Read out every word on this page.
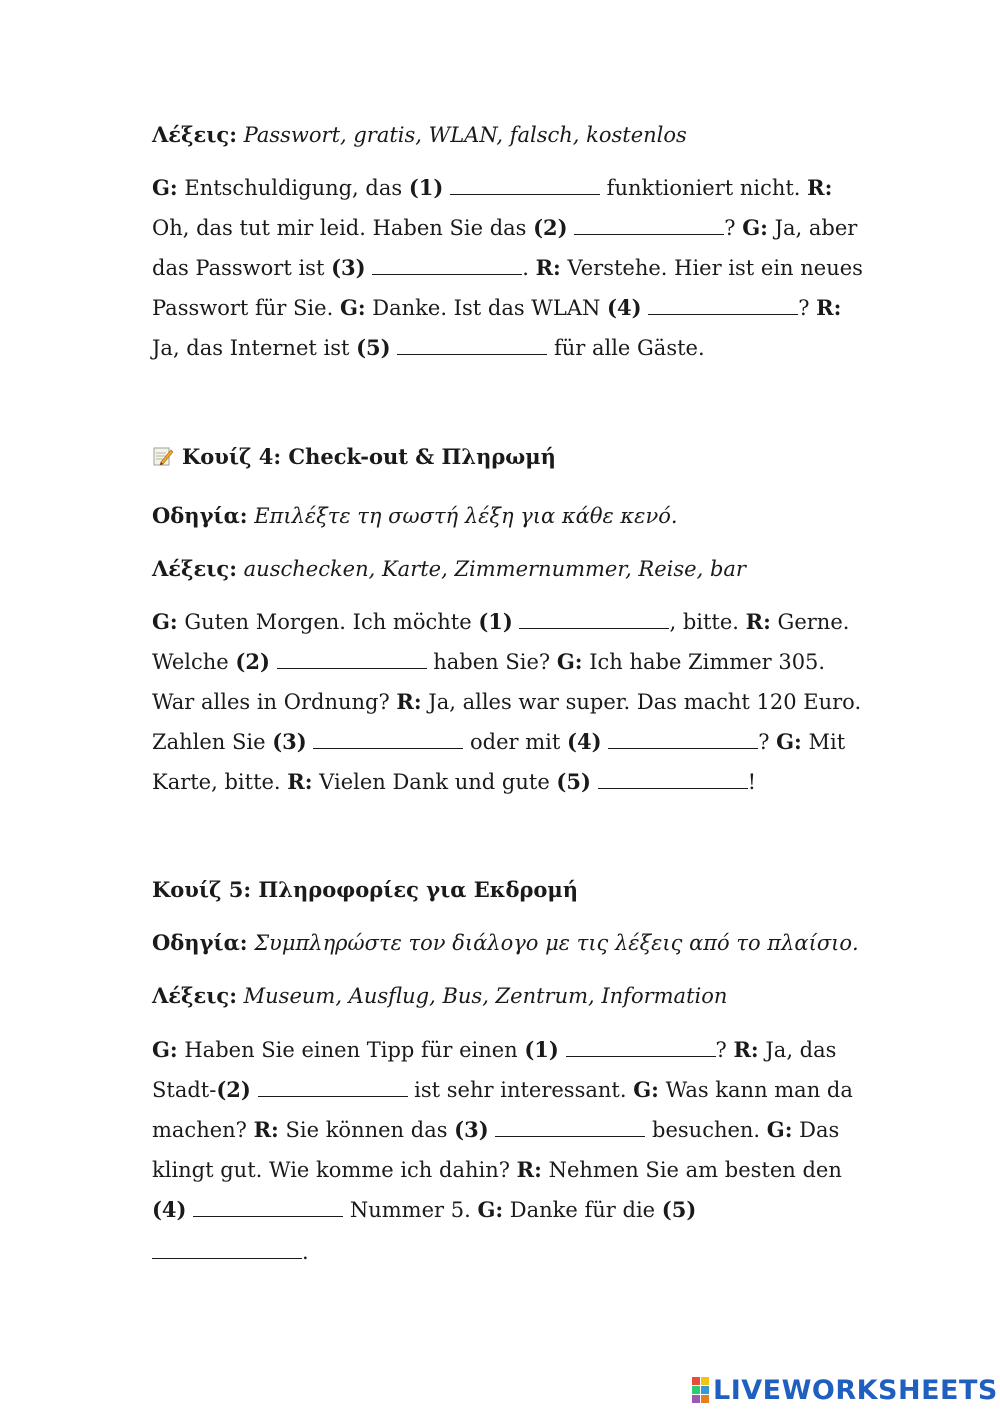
Λέξεις: Passwort, gratis, WLAN, falsch, kostenlos
G: Entschuldigung, das (1)	funktioniert nicht. R:
Oh, das tut mir leid. Haben Sie das (2)	? G: Ja, aber
das Passwort ist (3)	. R: Verstehe. Hier ist ein neues
Passwort für Sie. G: Danke. Ist das WLAN (4)	? R:
Ja, das Internet ist (5)	für alle Gäste.
Κουίζ 4: Check-out & Πληρωμή
Οδηγία: Επιλέξτε τη σωστή λέξη για κάθε κενό.
Λέξεις: auschecken, Karte, Zimmernummer, Reise, bar
G: Guten Morgen. Ich möchte (1)	, bitte. R: Gerne.
Welche (2)	haben Sie? G: Ich habe Zimmer 305.
War alles in Ordnung? R: Ja, alles war super. Das macht 120 Euro.
Zahlen Sie (3)	oder mit (4)	? G: Mit
Karte, bitte. R: Vielen Dank und gute (5)	!
Κουίζ 5: Πληροφορίες για Εκδρομή
Οδηγία: Συμπληρώστε τον διάλογο με τις λέξεις από το πλαίσιο.
Λέξεις: Museum, Ausflug, Bus, Zentrum, Information
G: Haben Sie einen Tipp für einen (1)	? R: Ja, das
Stadt-(2)	ist sehr interessant. G: Was kann man da
machen? R: Sie können das (3)	besuchen. G: Das
klingt gut. Wie komme ich dahin? R: Nehmen Sie am besten den
(4)	Nummer 5. G: Danke für die (5)
.
LIVEWORKSHEETS
